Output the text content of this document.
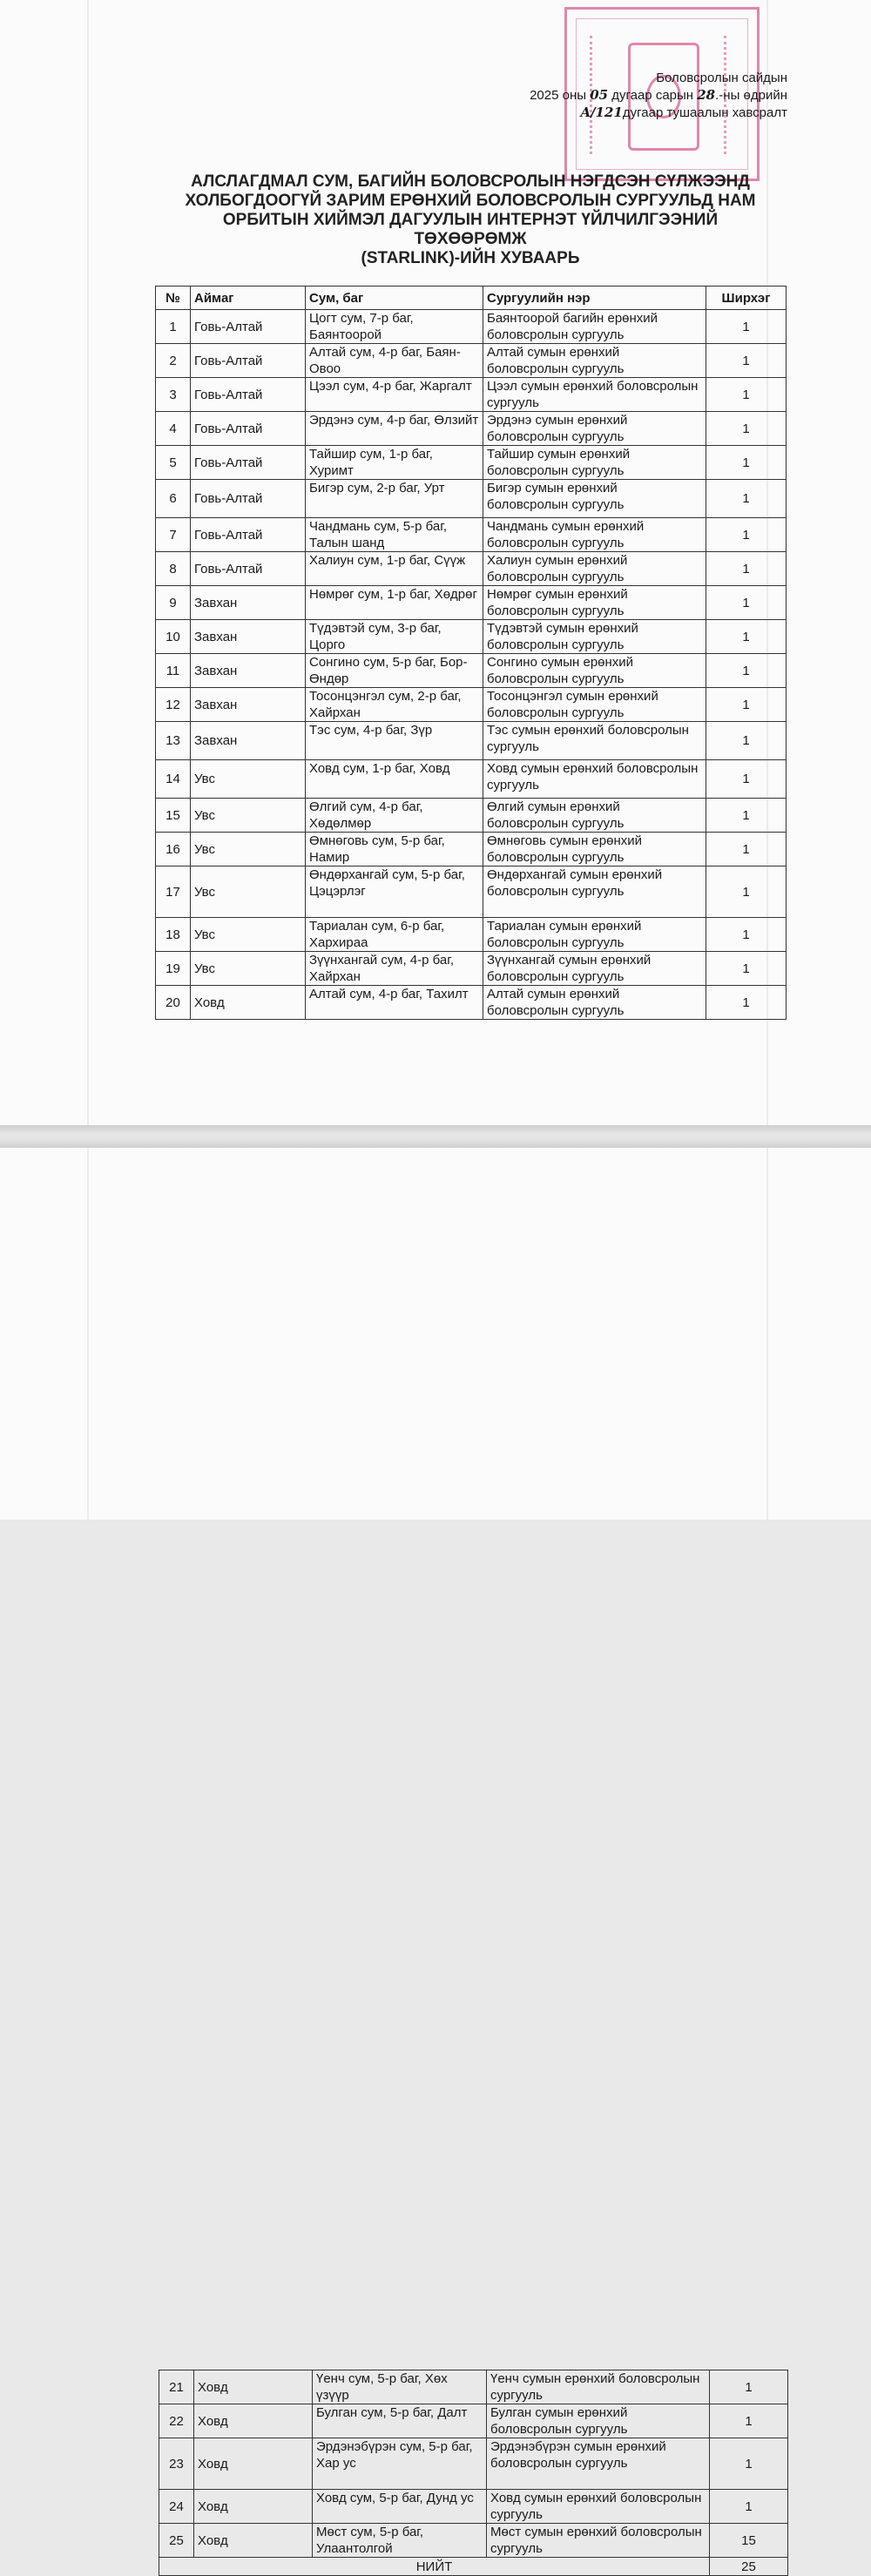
Боловсролын сайдын
2025 оны 05 дугаар сарын 28.-ны өдрийн
A/121дугаар тушаалын хавсралт
АЛСЛАГДМАЛ СУМ, БАГИЙН БОЛОВСРОЛЫН НЭГДСЭН СҮЛЖЭЭНД
ХОЛБОГДООГҮЙ ЗАРИМ ЕРӨНХИЙ БОЛОВСРОЛЫН СУРГУУЛЬД НАМ
ОРБИТЫН ХИЙМЭЛ ДАГУУЛЫН ИНТЕРНЭТ ҮЙЛЧИЛГЭЭНИЙ ТӨХӨӨРӨМЖ
(STARLINK)-ИЙН ХУВААРЬ
№	Аймаг	Сум, баг	Сургуулийн нэр	Ширхэг
1	Говь-Алтай	Цогт сум, 7-р баг, Баянтоорой	Баянтоорой багийн ерөнхий боловсролын сургууль	1
2	Говь-Алтай	Алтай сум, 4-р баг, Баян-Овоо	Алтай сумын ерөнхий боловсролын сургууль	1
3	Говь-Алтай	Цээл сум, 4-р баг, Жаргалт	Цээл сумын ерөнхий боловсролын сургууль	1
4	Говь-Алтай	Эрдэнэ сум, 4-р баг, Өлзийт	Эрдэнэ сумын ерөнхий боловсролын сургууль	1
5	Говь-Алтай	Тайшир сум, 1-р баг, Хуримт	Тайшир сумын ерөнхий боловсролын сургууль	1
6	Говь-Алтай	Бигэр сум, 2-р баг, Урт	Бигэр сумын ерөнхий боловсролын сургууль	1
7	Говь-Алтай	Чандмань сум, 5-р баг, Талын шанд	Чандмань сумын ерөнхий боловсролын сургууль	1
8	Говь-Алтай	Халиун сум, 1-р баг, Сүүж	Халиун сумын ерөнхий боловсролын сургууль	1
9	Завхан	Нөмрөг сум, 1-р баг, Хөдрөг	Нөмрөг сумын ерөнхий боловсролын сургууль	1
10	Завхан	Түдэвтэй сум, 3-р баг, Цорго	Түдэвтэй сумын ерөнхий боловсролын сургууль	1
11	Завхан	Сонгино сум, 5-р баг, Бор-Өндөр	Сонгино сумын ерөнхий боловсролын сургууль	1
12	Завхан	Тосонцэнгэл сум, 2-р баг, Хайрхан	Тосонцэнгэл сумын ерөнхий боловсролын сургууль	1
13	Завхан	Тэс сум, 4-р баг, Зүр	Тэс сумын ерөнхий боловсролын сургууль	1
14	Увс	Ховд сум, 1-р баг, Ховд	Ховд сумын ерөнхий боловсролын сургууль	1
15	Увс	Өлгий сум, 4-р баг, Хөдөлмөр	Өлгий сумын ерөнхий боловсролын сургууль	1
16	Увс	Өмнөговь сум, 5-р баг, Намир	Өмнөговь сумын ерөнхий боловсролын сургууль	1
17	Увс	Өндөрхангай сум, 5-р баг, Цэцэрлэг	Өндөрхангай сумын ерөнхий боловсролын сургууль	1
18	Увс	Тариалан сум, 6-р баг, Хархираа	Тариалан сумын ерөнхий боловсролын сургууль	1
19	Увс	Зүүнхангай сум, 4-р баг, Хайрхан	Зүүнхангай сумын ерөнхий боловсролын сургууль	1
20	Ховд	Алтай сум, 4-р баг, Тахилт	Алтай сумын ерөнхий боловсролын сургууль	1
21	Ховд	Үенч сум, 5-р баг, Хөх үзүүр	Үенч сумын ерөнхий боловсролын сургууль	1
22	Ховд	Булган сум, 5-р баг, Далт	Булган сумын ерөнхий боловсролын сургууль	1
23	Ховд	Эрдэнэбүрэн сум, 5-р баг, Хар ус	Эрдэнэбүрэн сумын ерөнхий боловсролын сургууль	1
24	Ховд	Ховд сум, 5-р баг, Дунд ус	Ховд сумын ерөнхий боловсролын сургууль	1
25	Ховд	Мөст сум, 5-р баг, Улаантолгой	Мөст сумын ерөнхий боловсролын сургууль	15
НИЙТ				25
